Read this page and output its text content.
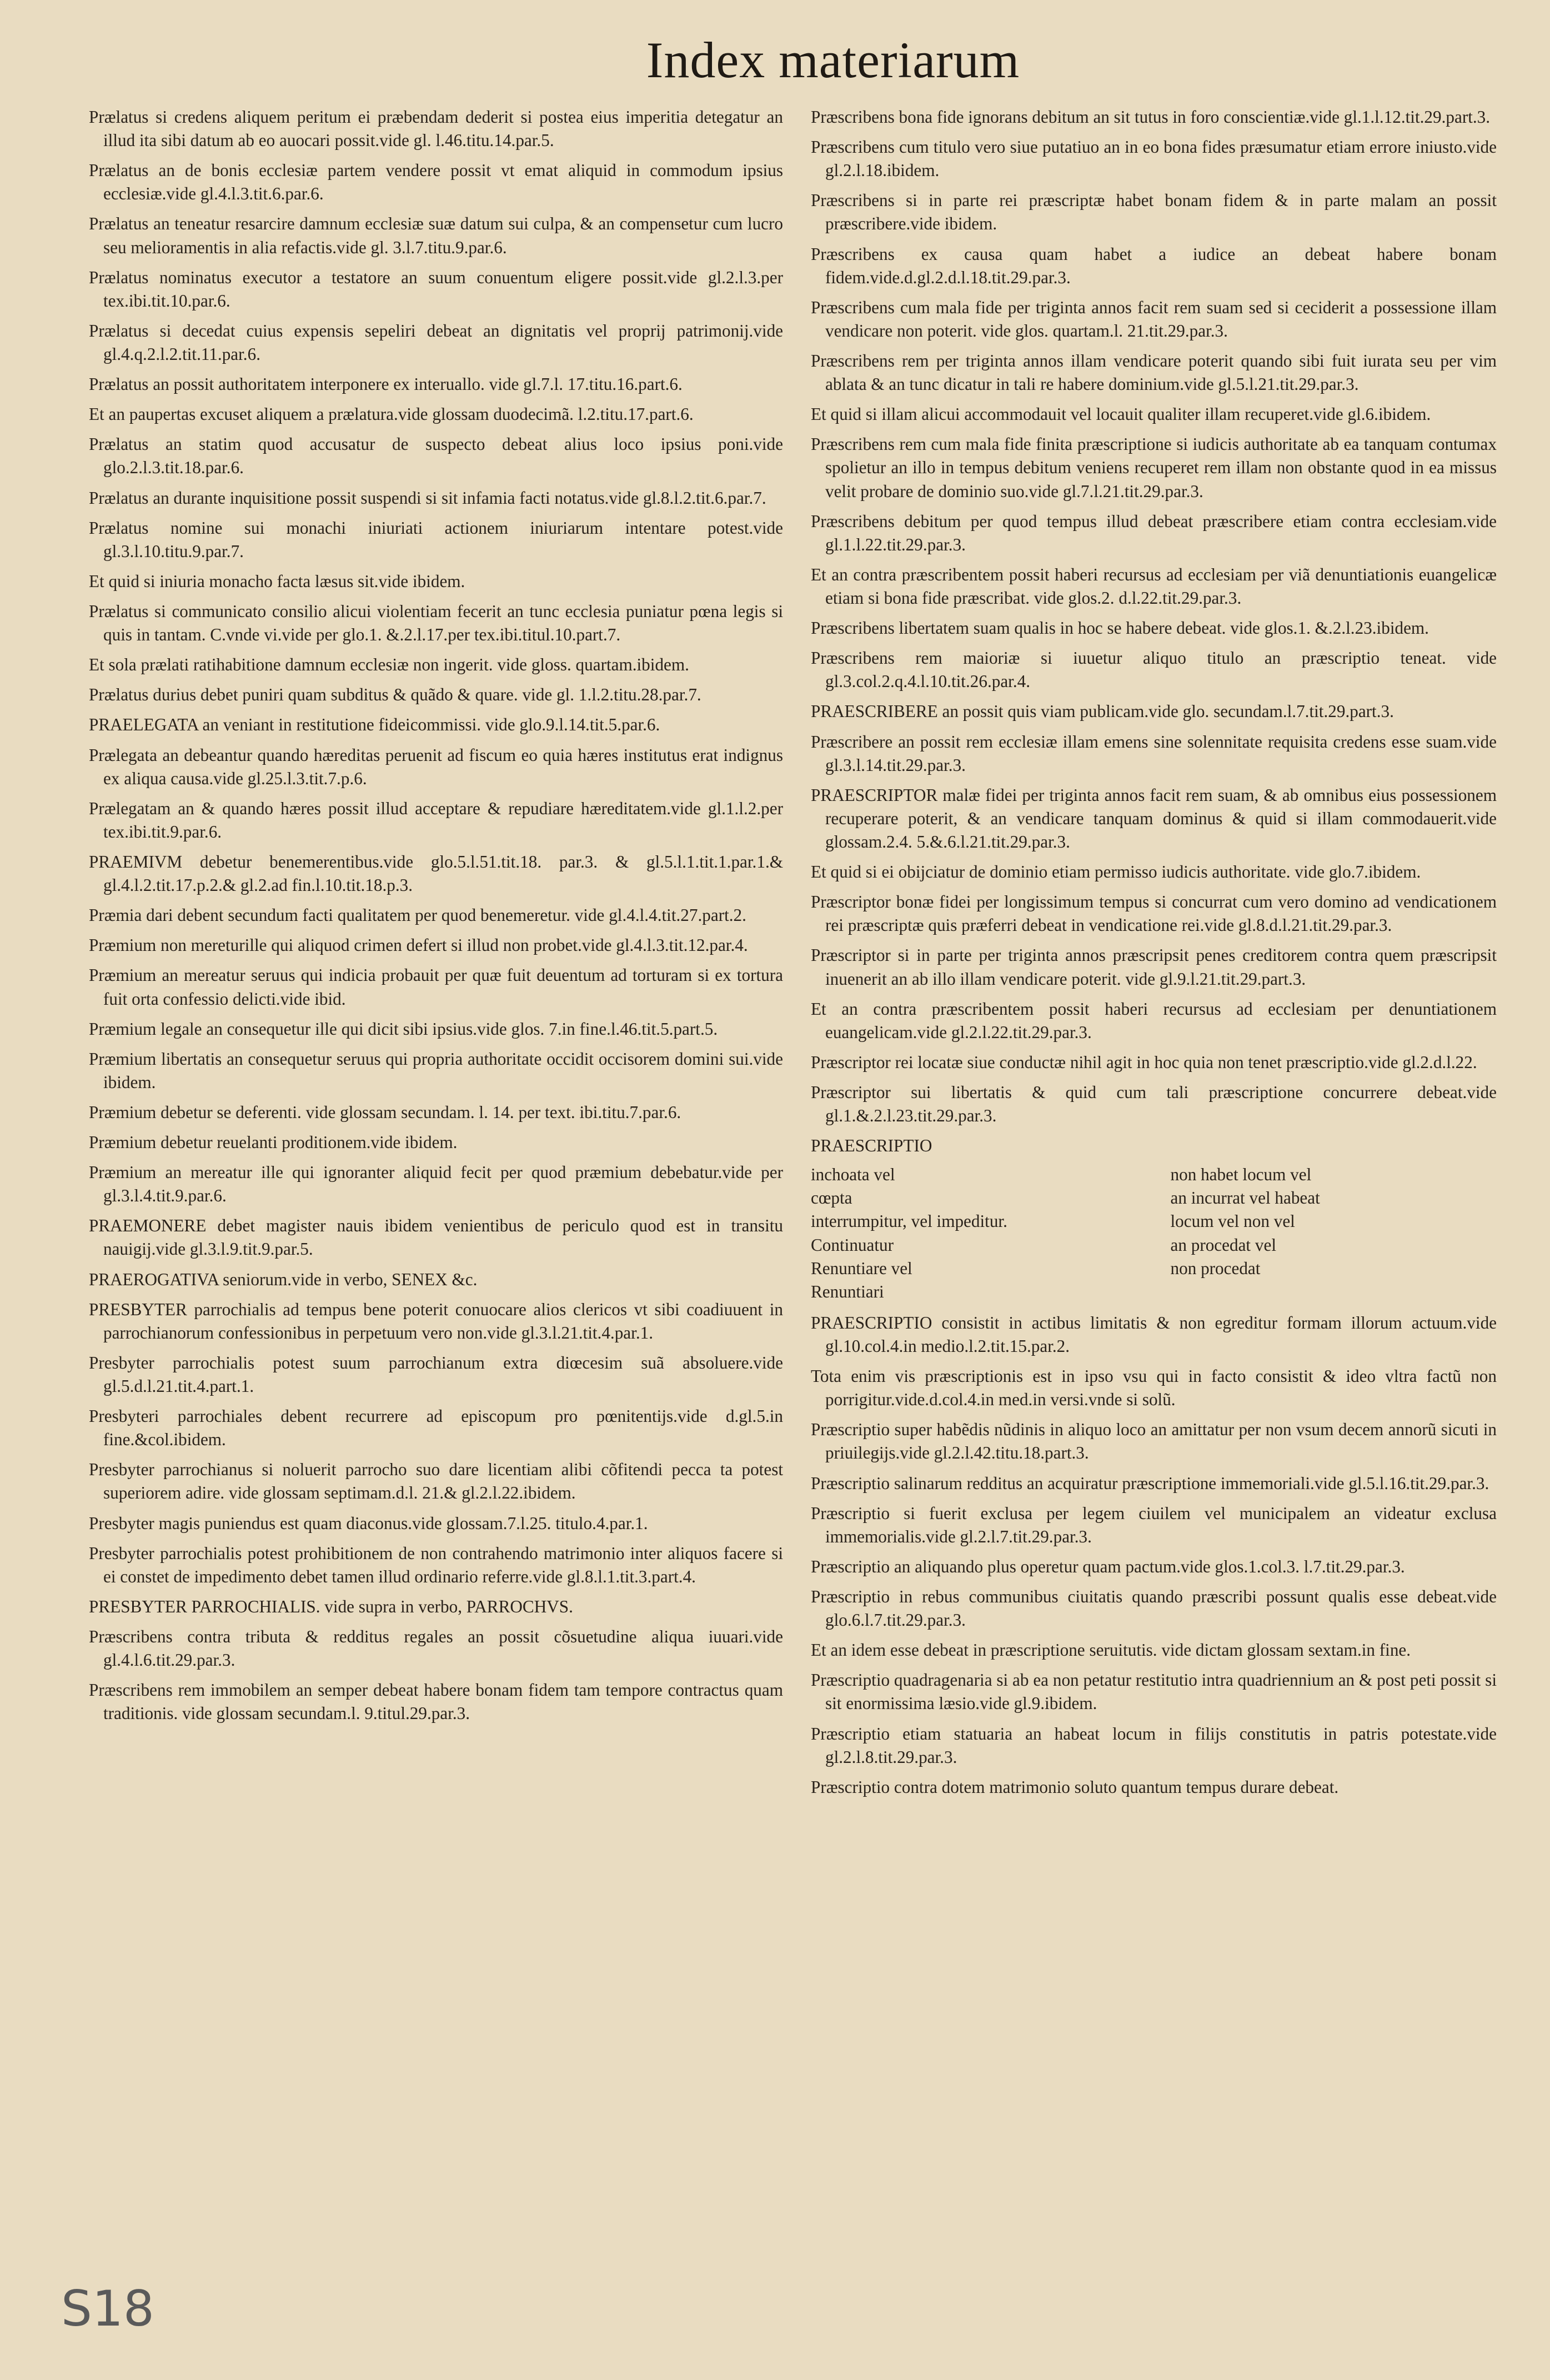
Index materiarum

Prælatus si credens aliquem peritum ei præbendam dederit si postea eius imperitia detegatur an illud ita sibi datum ab eo auocari possit.vide gl. l.46.titu.14.par.5.

Prælatus an de bonis ecclesiæ partem vendere possit vt emat aliquid in commodum ipsius ecclesiæ.vide gl.4.l.3.tit.6.par.6.

Prælatus an teneatur resarcire damnum ecclesiæ suæ datum sui culpa, & an compensetur cum lucro seu melioramentis in alia refactis.vide gl. 3.l.7.titu.9.par.6.

Prælatus nominatus executor a testatore an suum conuentum eligere possit.vide gl.2.l.3.per tex.ibi.tit.10.par.6.

Prælatus si decedat cuius expensis sepeliri debeat an dignitatis vel proprij patrimonij.vide gl.4.q.2.l.2.tit.11.par.6.

Prælatus an possit authoritatem interponere ex interuallo. vide gl.7.l. 17.titu.16.part.6.

Et an paupertas excuset aliquem a prælatura.vide glossam duodecimã. l.2.titu.17.part.6.

Prælatus an statim quod accusatur de suspecto debeat alius loco ipsius poni.vide glo.2.l.3.tit.18.par.6.

Prælatus an durante inquisitione possit suspendi si sit infamia facti notatus.vide gl.8.l.2.tit.6.par.7.

Prælatus nomine sui monachi iniuriati actionem iniuriarum intentare potest.vide gl.3.l.10.titu.9.par.7.

Et quid si iniuria monacho facta læsus sit.vide ibidem.

Prælatus si communicato consilio alicui violentiam fecerit an tunc ecclesia puniatur pœna legis si quis in tantam. C.vnde vi.vide per glo.1. &.2.l.17.per tex.ibi.titul.10.part.7.

Et sola prælati ratihabitione damnum ecclesiæ non ingerit. vide gloss. quartam.ibidem.

Prælatus durius debet puniri quam subditus & quãdo & quare. vide gl. 1.l.2.titu.28.par.7.

PRAELEGATA an veniant in restitutione fideicommissi. vide glo.9.l.14.tit.5.par.6.

Prælegata an debeantur quando hæreditas peruenit ad fiscum eo quia hæres institutus erat indignus ex aliqua causa.vide gl.25.l.3.tit.7.p.6.

Prælegatam an & quando hæres possit illud acceptare & repudiare hæreditatem.vide gl.1.l.2.per tex.ibi.tit.9.par.6.

PRAEMIVM debetur benemerentibus.vide glo.5.l.51.tit.18. par.3. & gl.5.l.1.tit.1.par.1.& gl.4.l.2.tit.17.p.2.& gl.2.ad fin.l.10.tit.18.p.3.

Præmia dari debent secundum facti qualitatem per quod benemeretur. vide gl.4.l.4.tit.27.part.2.

Præmium non mereturille qui aliquod crimen defert si illud non probet.vide gl.4.l.3.tit.12.par.4.

Præmium an mereatur seruus qui indicia probauit per quæ fuit deuentum ad torturam si ex tortura fuit orta confessio delicti.vide ibid.

Præmium legale an consequetur ille qui dicit sibi ipsius.vide glos. 7.in fine.l.46.tit.5.part.5.

Præmium libertatis an consequetur seruus qui propria authoritate occidit occisorem domini sui.vide ibidem.

Præmium debetur se deferenti. vide glossam secundam. l. 14. per text. ibi.titu.7.par.6.

Præmium debetur reuelanti proditionem.vide ibidem.

Præmium an mereatur ille qui ignoranter aliquid fecit per quod præmium debebatur.vide per gl.3.l.4.tit.9.par.6.

PRAEMONERE debet magister nauis ibidem venientibus de periculo quod est in transitu nauigij.vide gl.3.l.9.tit.9.par.5.

PRAEROGATIVA seniorum.vide in verbo, SENEX &c.

PRESBYTER parrochialis ad tempus bene poterit conuocare alios clericos vt sibi coadiuuent in parrochianorum confessionibus in perpetuum vero non.vide gl.3.l.21.tit.4.par.1.

Presbyter parrochialis potest suum parrochianum extra diœcesim suã absoluere.vide gl.5.d.l.21.tit.4.part.1.

Presbyteri parrochiales debent recurrere ad episcopum pro pœnitentijs.vide d.gl.5.in fine.&col.ibidem.

Presbyter parrochianus si noluerit parrocho suo dare licentiam alibi cõfitendi pecca ta potest superiorem adire. vide glossam septimam.d.l. 21.& gl.2.l.22.ibidem.

Presbyter magis puniendus est quam diaconus.vide glossam.7.l.25. titulo.4.par.1.

Presbyter parrochialis potest prohibitionem de non contrahendo matrimonio inter aliquos facere si ei constet de impedimento debet tamen illud ordinario referre.vide gl.8.l.1.tit.3.part.4.

PRESBYTER PARROCHIALIS. vide supra in verbo, PARROCHVS.

Præscribens contra tributa & redditus regales an possit cõsuetudine aliqua iuuari.vide gl.4.l.6.tit.29.par.3.

Præscribens rem immobilem an semper debeat habere bonam fidem tam tempore contractus quam traditionis. vide glossam secundam.l. 9.titul.29.par.3.

Præscribens bona fide ignorans debitum an sit tutus in foro conscientiæ.vide gl.1.l.12.tit.29.part.3.

Præscribens cum titulo vero siue putatiuo an in eo bona fides præsumatur etiam errore iniusto.vide gl.2.l.18.ibidem.

Præscribens si in parte rei præscriptæ habet bonam fidem & in parte malam an possit præscribere.vide ibidem.

Præscribens ex causa quam habet a iudice an debeat habere bonam fidem.vide.d.gl.2.d.l.18.tit.29.par.3.

Præscribens cum mala fide per triginta annos facit rem suam sed si ceciderit a possessione illam vendicare non poterit. vide glos. quartam.l. 21.tit.29.par.3.

Præscribens rem per triginta annos illam vendicare poterit quando sibi fuit iurata seu per vim ablata & an tunc dicatur in tali re habere dominium.vide gl.5.l.21.tit.29.par.3.

Et quid si illam alicui accommodauit vel locauit qualiter illam recuperet.vide gl.6.ibidem.

Præscribens rem cum mala fide finita præscriptione si iudicis authoritate ab ea tanquam contumax spolietur an illo in tempus debitum veniens recuperet rem illam non obstante quod in ea missus velit probare de dominio suo.vide gl.7.l.21.tit.29.par.3.

Præscribens debitum per quod tempus illud debeat præscribere etiam contra ecclesiam.vide gl.1.l.22.tit.29.par.3.

Et an contra præscribentem possit haberi recursus ad ecclesiam per viã denuntiationis euangelicæ etiam si bona fide præscribat. vide glos.2. d.l.22.tit.29.par.3.

Præscribens libertatem suam qualis in hoc se habere debeat. vide glos.1. &.2.l.23.ibidem.

Præscribens rem maioriæ si iuuetur aliquo titulo an præscriptio teneat. vide gl.3.col.2.q.4.l.10.tit.26.par.4.

PRAESCRIBERE an possit quis viam publicam.vide glo. secundam.l.7.tit.29.part.3.

Præscribere an possit rem ecclesiæ illam emens sine solennitate requisita credens esse suam.vide gl.3.l.14.tit.29.par.3.

PRAESCRIPTOR malæ fidei per triginta annos facit rem suam, & ab omnibus eius possessionem recuperare poterit, & an vendicare tanquam dominus & quid si illam commodauerit.vide glossam.2.4. 5.&.6.l.21.tit.29.par.3.

Et quid si ei obijciatur de dominio etiam permisso iudicis authoritate. vide glo.7.ibidem.

Præscriptor bonæ fidei per longissimum tempus si concurrat cum vero domino ad vendicationem rei præscriptæ quis præferri debeat in vendicatione rei.vide gl.8.d.l.21.tit.29.par.3.

Præscriptor si in parte per triginta annos præscripsit penes creditorem contra quem præscripsit inuenerit an ab illo illam vendicare poterit. vide gl.9.l.21.tit.29.part.3.

Et an contra præscribentem possit haberi recursus ad ecclesiam per denuntiationem euangelicam.vide gl.2.l.22.tit.29.par.3.

Præscriptor rei locatæ siue conductæ nihil agit in hoc quia non tenet præscriptio.vide gl.2.d.l.22.

Præscriptor sui libertatis & quid cum tali præscriptione concurrere debeat.vide gl.1.&.2.l.23.tit.29.par.3.

PRAESCRIPTIO
inchoata vel	non habet locum vel
cœpta	an incurrat vel habeat
interrumpitur, vel impeditur.	locum vel non vel
Continuatur	an procedat vel
Renuntiare vel	non procedat
Renuntiari

PRAESCRIPTIO consistit in actibus limitatis & non egreditur formam illorum actuum.vide gl.10.col.4.in medio.l.2.tit.15.par.2.

Tota enim vis præscriptionis est in ipso vsu qui in facto consistit & ideo vltra factũ non porrigitur.vide.d.col.4.in med.in versi.vnde si solũ.

Præscriptio super habẽdis nũdinis in aliquo loco an amittatur per non vsum decem annorũ sicuti in priuilegijs.vide gl.2.l.42.titu.18.part.3.

Præscriptio salinarum redditus an acquiratur præscriptione immemoriali.vide gl.5.l.16.tit.29.par.3.

Præscriptio si fuerit exclusa per legem ciuilem vel municipalem an videatur exclusa immemorialis.vide gl.2.l.7.tit.29.par.3.

Præscriptio an aliquando plus operetur quam pactum.vide glos.1.col.3. l.7.tit.29.par.3.

Præscriptio in rebus communibus ciuitatis quando præscribi possunt qualis esse debeat.vide glo.6.l.7.tit.29.par.3.

Et an idem esse debeat in præscriptione seruitutis. vide dictam glossam sextam.in fine.

Præscriptio quadragenaria si ab ea non petatur restitutio intra quadriennium an & post peti possit si sit enormissima læsio.vide gl.9.ibidem.

Præscriptio etiam statuaria an habeat locum in filijs constitutis in patris potestate.vide gl.2.l.8.tit.29.par.3.

Præscriptio contra dotem matrimonio soluto quantum tempus durare debeat.

S18
